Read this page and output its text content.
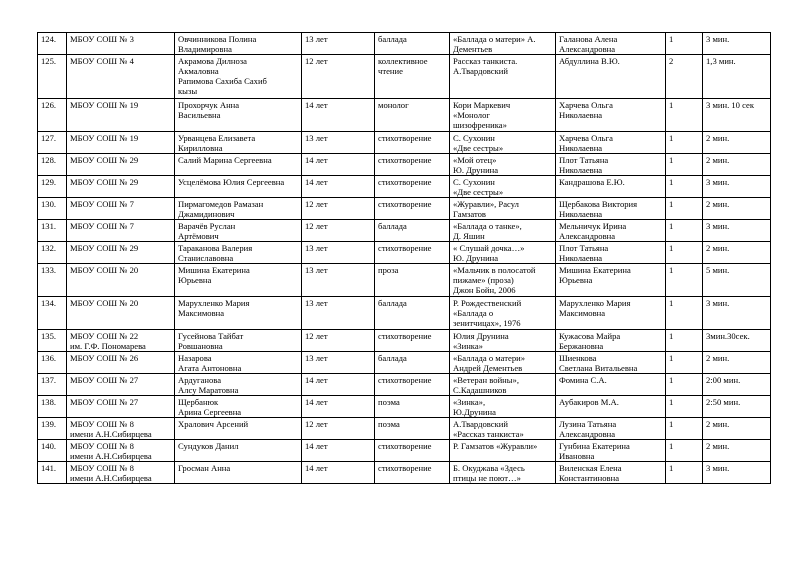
124.	МБОУ СОШ № 3	Овчинникова Полина
Владимировна	13 лет	баллада	«Баллада о матери» А.
Дементьев	Галанова Алена
Александровна	1	3 мин.
125.	МБОУ СОШ № 4	Акрамова Дилноза
Акмаловна
Рапимова Сахиба Сахиб
кызы	12 лет	коллективное
чтение	Рассказ танкиста.
А.Твардовский	Абдуллина В.Ю.	2	1,3 мин.
126.	МБОУ СОШ № 19	Прохорчук Анна
Васильевна	14 лет	монолог	Кори Маркевич
«Монолог
шизофреника»	Харчева Ольга
Николаевна	1	3 мин. 10 сек
127.	МБОУ СОШ № 19	Урванцева Елизавета
Кирилловна	13 лет	стихотворение	С. Сухонин
«Две сестры»	Харчева Ольга
Николаевна	1	2 мин.
128.	МБОУ СОШ № 29	Салий Марина Сергеевна	14 лет	стихотворение	«Мой отец»
Ю. Друнина	Плот Татьяна
Николаевна	1	2 мин.
129.	МБОУ СОШ № 29	Усцелёмова Юлия Сергеевна	14 лет	стихотворение	С. Сухонин
«Две сестры»	Кандрашова Е.Ю.	1	3 мин.
130.	МБОУ СОШ № 7	Пирмагомедов Рамазан
Джамидинович	12 лет	стихотворение	«Журавли», Расул
Гамзатов	Щербакова Виктория
Николаевна	1	2 мин.
131.	МБОУ СОШ № 7	Варачёв Руслан
Артёмович	12 лет	баллада	«Баллада о танке»,
Д. Яшин	Мельничук Ирина
Александровна	1	3 мин.
132.	МБОУ СОШ № 29	Тараканова Валерия
Станиславовна	13 лет	стихотворение	« Слушай дочка…»
Ю. Друнина	Плот Татьяна
Николаевна	1	2 мин.
133.	МБОУ СОШ № 20	Мишина Екатерина
Юрьевна	13 лет	проза	«Мальчик в полосатой
пижаме» (проза)
Джон Бойн, 2006	Мишина Екатерина
Юрьевна	1	5 мин.
134.	МБОУ СОШ № 20	Марухленко Мария
Максимовна	13 лет	баллада	Р. Рождественский
«Баллада о
зенитчицах», 1976	Марухленко Мария
Максимовна	1	3 мин.
135.	МБОУ СОШ № 22
им. Г.Ф. Пономарева	Гусейнова Тайбат
Ровшановна	12 лет	стихотворение	Юлия Друнина
«Зинка»	Кужасова Майра
Бержановна	1	3мин.30сек.
136.	МБОУ СОШ № 26	Назарова
Агата Антоновна	13 лет	баллада	«Баллада о матери»
Андрей Дементьев	Шиенкова
Светлана Витальевна	1	2 мин.
137.	МБОУ СОШ № 27	Ардуганова
Алсу Маратовна	14 лет	стихотворение	«Ветеран войны»,
С.Кадашников	Фомина С.А.	1	2:00 мин.
138.	МБОУ СОШ № 27	Щербанюк
Арина Сергеевна	14 лет	поэма	«Зинка»,
Ю.Друнина	Аубакиров М.А.	1	2:50 мин.
139.	МБОУ СОШ № 8
имени А.Н.Сибирцева	Хралович Арсений	12 лет	поэма	А.Твардовский
«Рассказ танкиста»	Лузина Татьяна
Александровна	1	2 мин.
140.	МБОУ СОШ № 8
имени А.Н.Сибирцева	Сундуков Данил	14 лет	стихотворение	Р. Гамзатов «Журавли»	Гунбина Екатерина
Ивановна	1	2 мин.
141.	МБОУ СОШ № 8
имени А.Н.Сибирцева	Гросман Анна	14 лет	стихотворение	Б. Окуджава «Здесь
птицы не поют…»	Виленская Елена
Константиновна	1	3 мин.
